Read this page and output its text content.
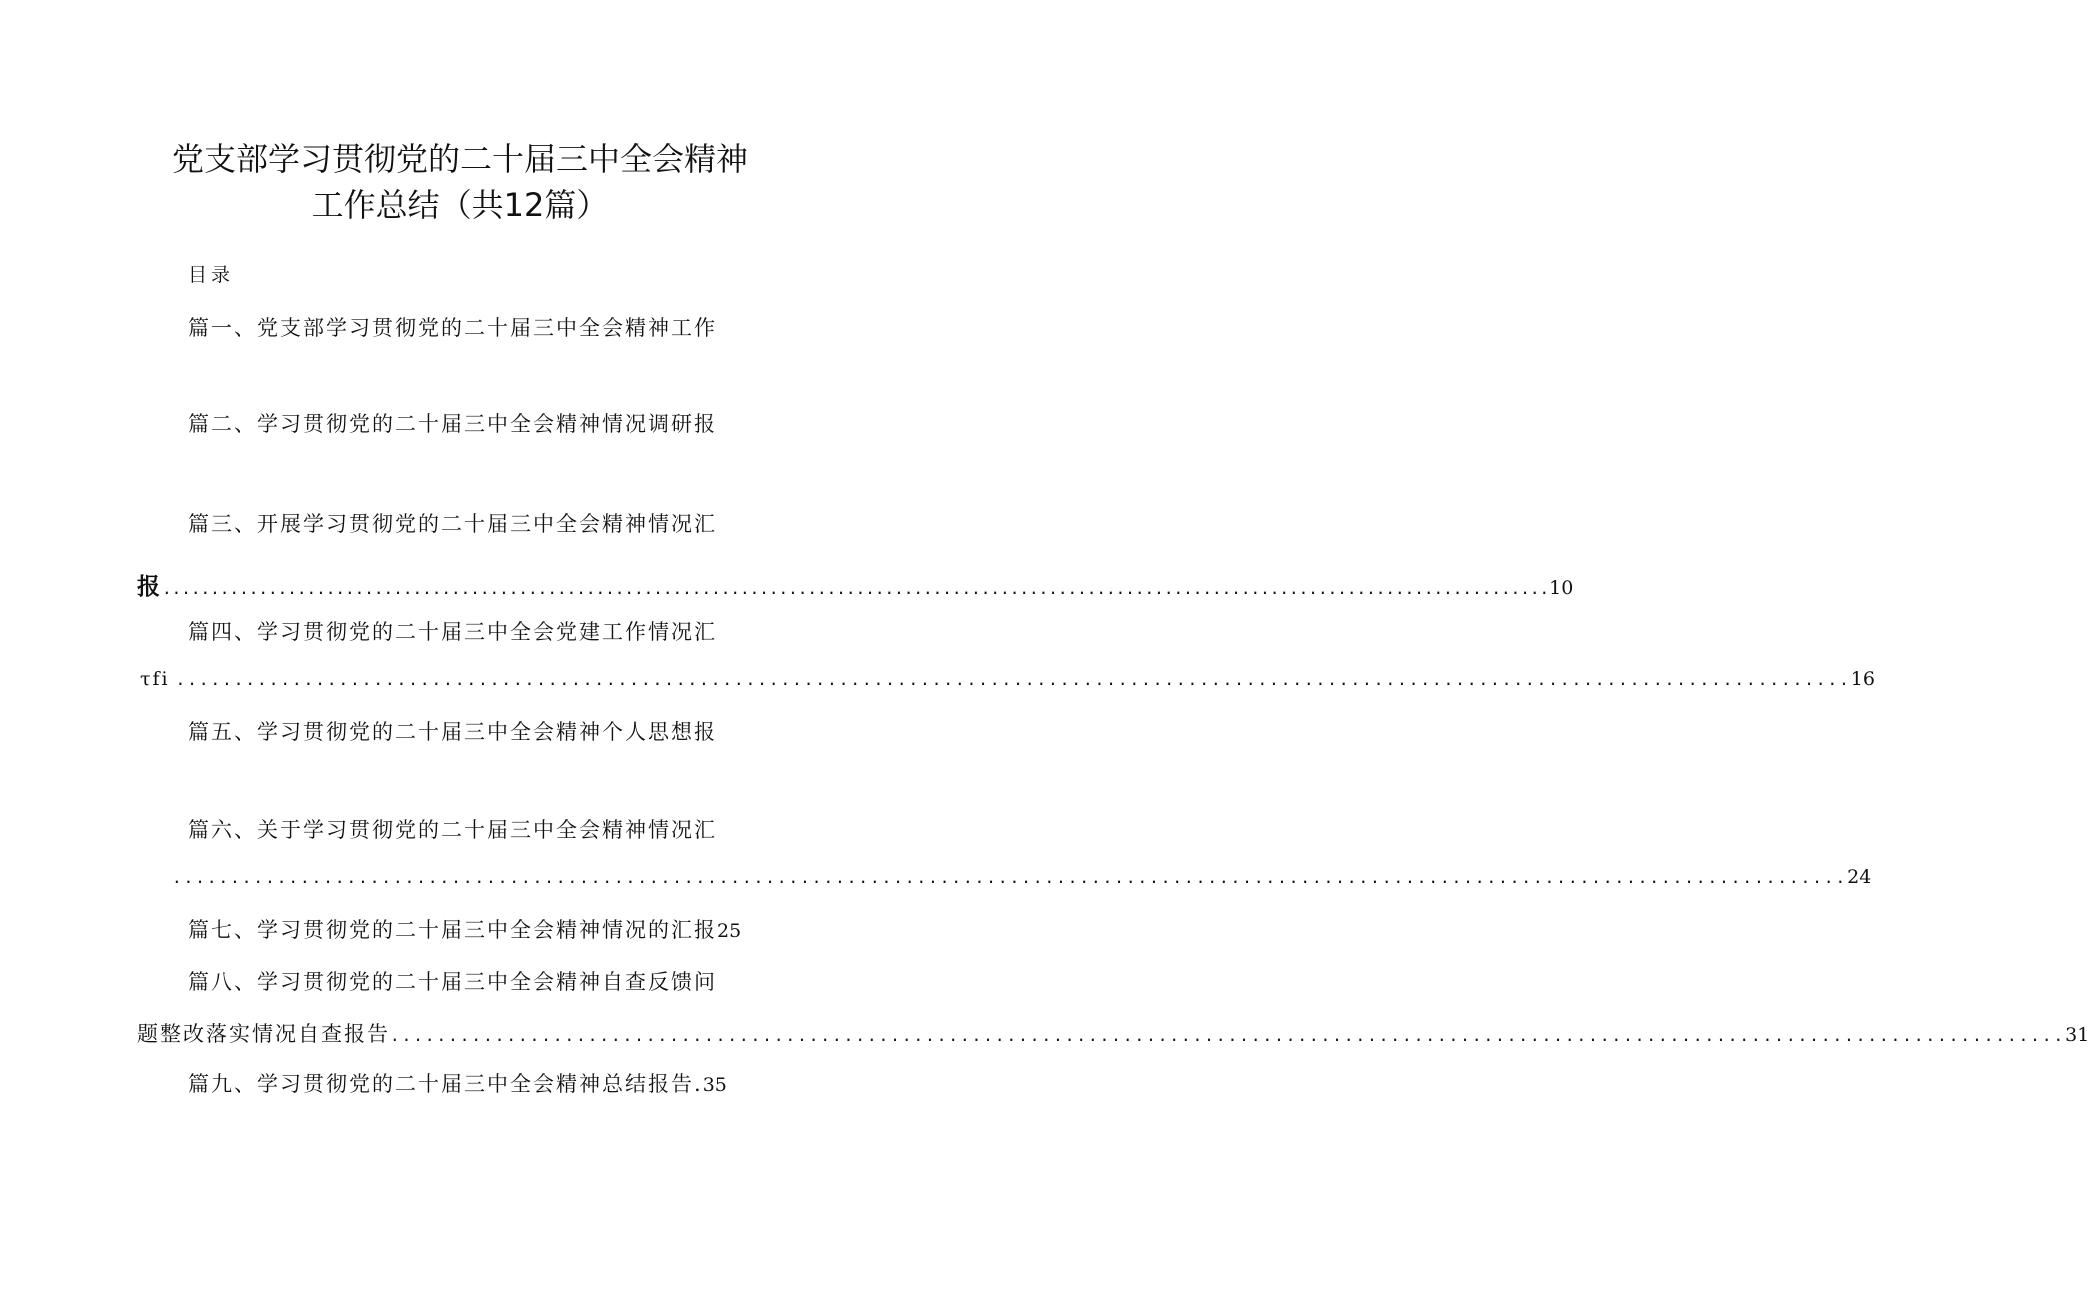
党支部学习贯彻党的二十届三中全会精神
工作总结（共12篇）
目录
篇一、党支部学习贯彻党的二十届三中全会精神工作
篇二、学习贯彻党的二十届三中全会精神情况调研报
篇三、开展学习贯彻党的二十届三中全会精神情况汇
报 ................................................................................................................................................ 10
篇四、学习贯彻党的二十届三中全会党建工作情况汇
τfi ................................................................................................................................................ 16
篇五、学习贯彻党的二十届三中全会精神个人思想报
篇六、关于学习贯彻党的二十届三中全会精神情况汇
................................................................................................................................................ 24
篇七、学习贯彻党的二十届三中全会精神情况的汇报 25
篇八、学习贯彻党的二十届三中全会精神自查反馈问
题整改落实情况自查报告 ................................................................................................................................................ 31
篇九、学习贯彻党的二十届三中全会精神总结报告. 35
